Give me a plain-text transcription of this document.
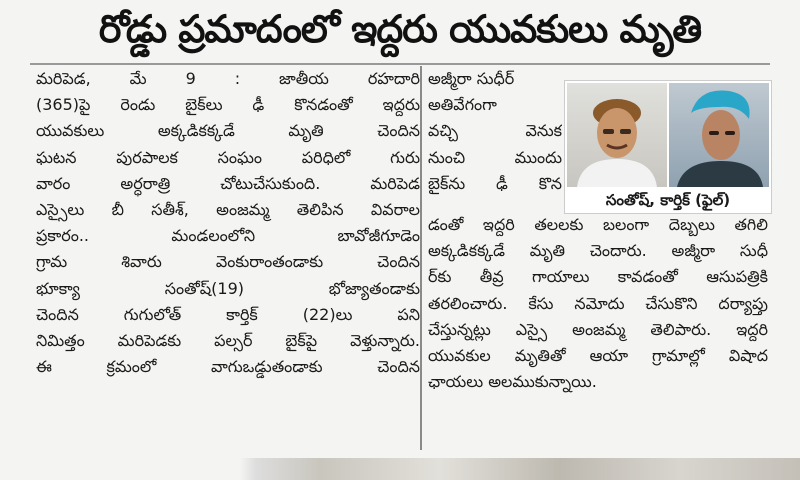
రోడ్డు ప్రమాదంలో ఇద్దరు యువకులు మృతి
మరిపెడ, మే 9 : జాతీయ రహదారి
(365)పై రెండు బైక్‌లు ఢీ కొనడంతో ఇద్దరు
యువకులు అక్కడికక్కడే మృతి చెందిన
ఘటన పురపాలక సంఘం పరిధిలో గురు
వారం అర్ధరాత్రి చోటుచేసుకుంది. మరిపెడ
ఎస్సైలు బీ సతీశ్‌, అంజమ్మ తెలిపిన వివరాల
ప్రకారం.. మండలంలోని బావోజీగూడెం
గ్రామ శివారు వెంకురాంతండాకు చెందిన
భూక్యా సంతోష్‌(19) భోజ్యాతండాకు
చెందిన గుగులోత్‌ కార్తిక్‌ (22)లు పని
నిమిత్తం మరిపెడకు పల్సర్‌ బైక్‌పై వెళ్తున్నారు.
ఈ క్రమంలో వాగుఒడ్డుతండాకు చెందిన
అజ్మీరా సుధీర్‌
అతివేగంగా
వచ్చి వెనుక
నుంచి ముందు
బైక్‌ను ఢీ కొన
సంతోష్‌, కార్తిక్‌ (ఫైల్‌)
డంతో ఇద్దరి తలలకు బలంగా దెబ్బలు తగిలి
అక్కడికక్కడే మృతి చెందారు. అజ్మీరా సుధీ
ర్‌కు తీవ్ర గాయాలు కావడంతో ఆసుపత్రికి
తరలించారు. కేసు నమోదు చేసుకొని దర్యాప్తు
చేస్తున్నట్లు ఎస్సై అంజమ్మ తెలిపారు. ఇద్దరి
యువకుల మృతితో ఆయా గ్రామాల్లో విషాద
ఛాయలు అలముకున్నాయి.
